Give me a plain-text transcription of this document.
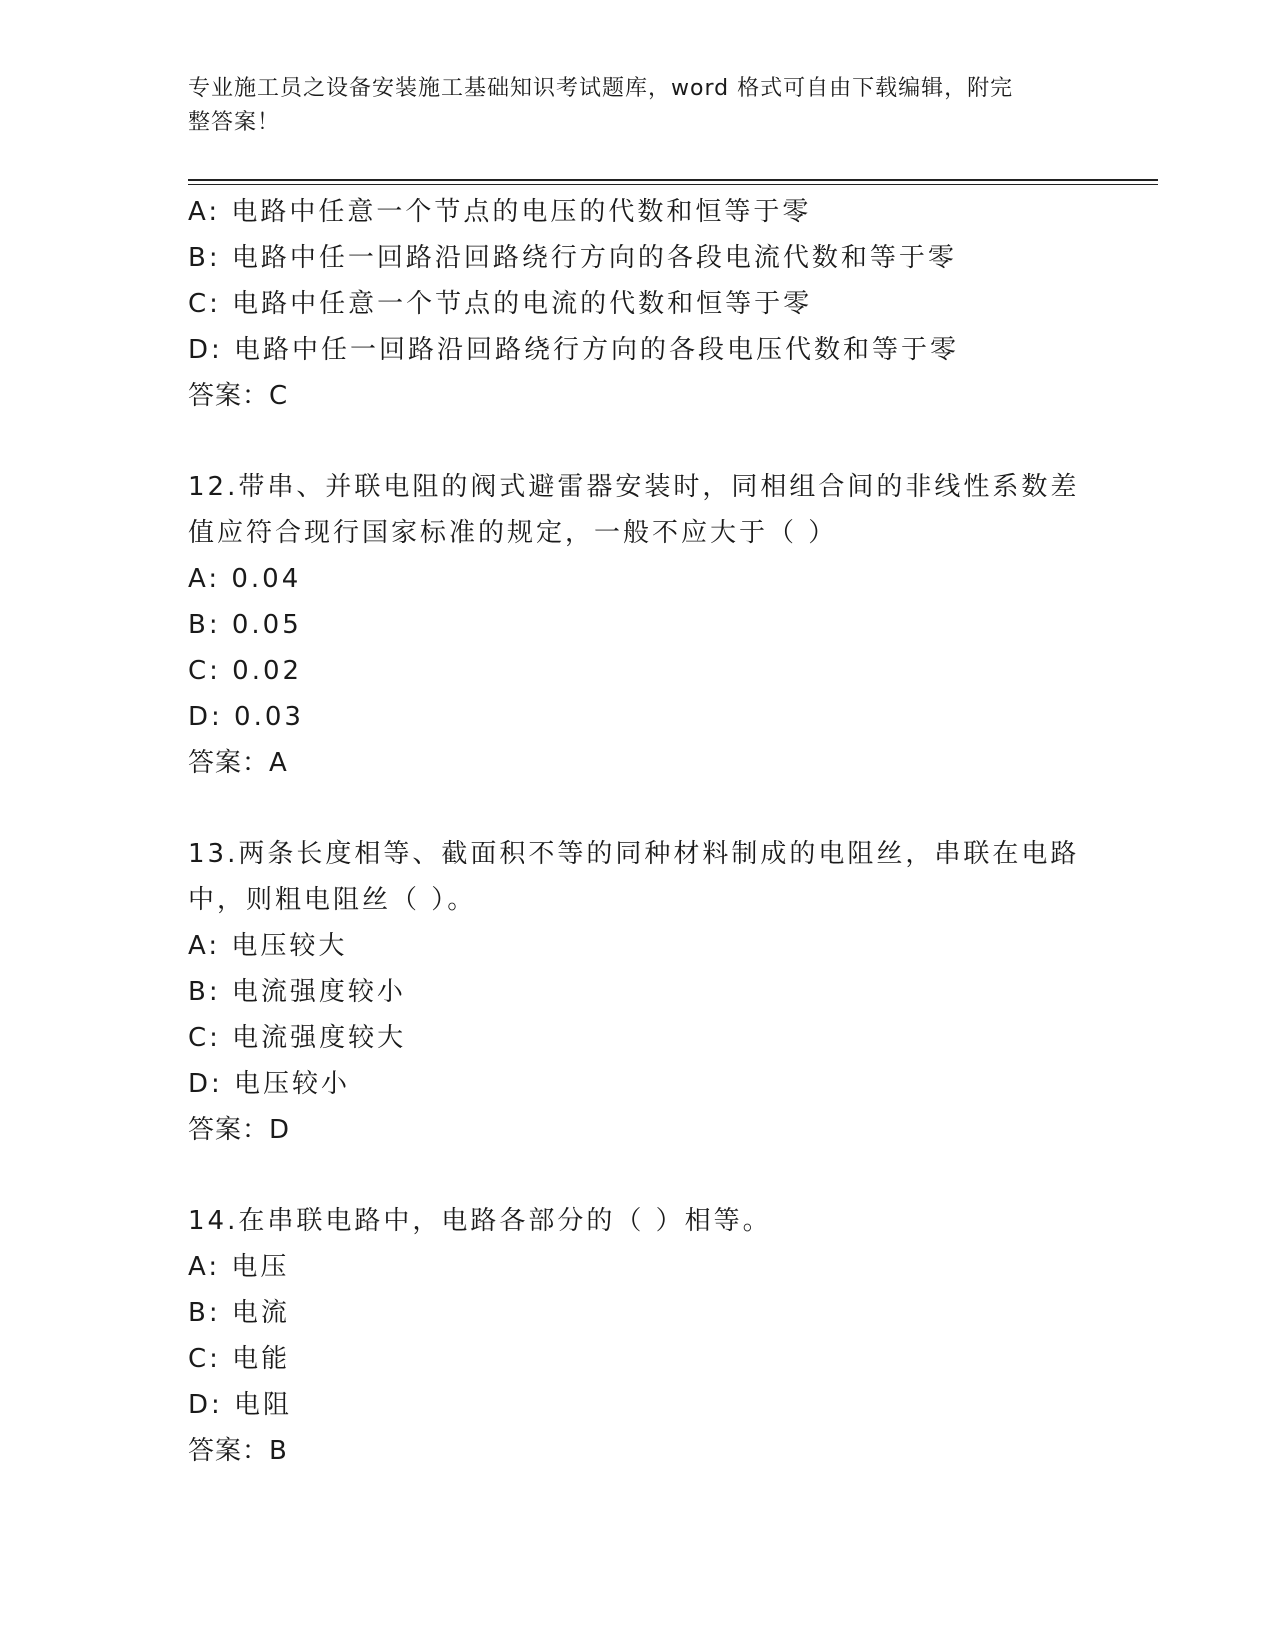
专业施工员之设备安装施工基础知识考试题库，word 格式可自由下载编辑，附完
整答案！
A: 电路中任意一个节点的电压的代数和恒等于零
B: 电路中任一回路沿回路绕行方向的各段电流代数和等于零
C: 电路中任意一个节点的电流的代数和恒等于零
D: 电路中任一回路沿回路绕行方向的各段电压代数和等于零
答案：C
12.带串、并联电阻的阀式避雷器安装时，同相组合间的非线性系数差
值应符合现行国家标准的规定，一般不应大于（ ）
A: 0.04
B: 0.05
C: 0.02
D: 0.03
答案：A
13.两条长度相等、截面积不等的同种材料制成的电阻丝，串联在电路
中，则粗电阻丝（ ）。
A: 电压较大
B: 电流强度较小
C: 电流强度较大
D: 电压较小
答案：D
14.在串联电路中，电路各部分的（ ）相等。
A: 电压
B: 电流
C: 电能
D: 电阻
答案：B
